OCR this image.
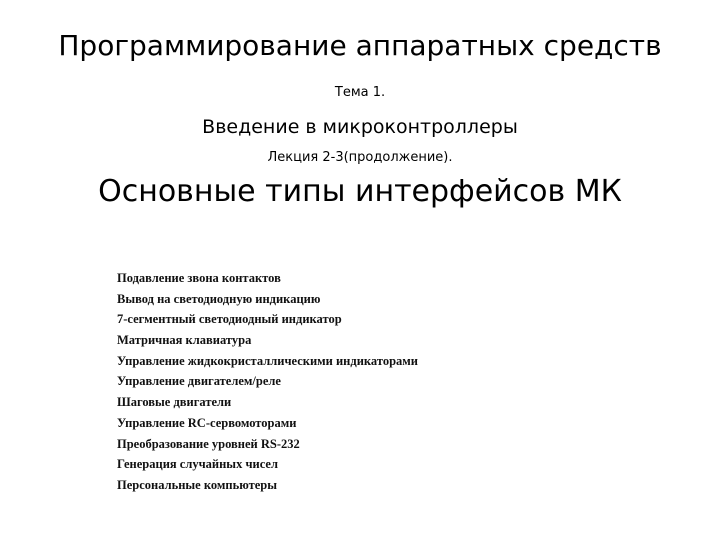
Программирование аппаратных средств
Тема 1.
Введение в микроконтроллеры
Лекция 2-3(продолжение).
Основные типы интерфейсов МК
Подавление звона контактов
Вывод на светодиодную индикацию
7-сегментный светодиодный индикатор
Матричная клавиатура
Управление жидкокристаллическими индикаторами
Управление двигателем/реле
Шаговые двигатели
Управление RC-сервомоторами
Преобразование уровней RS-232
Генерация случайных чисел
Персональные компьютеры
